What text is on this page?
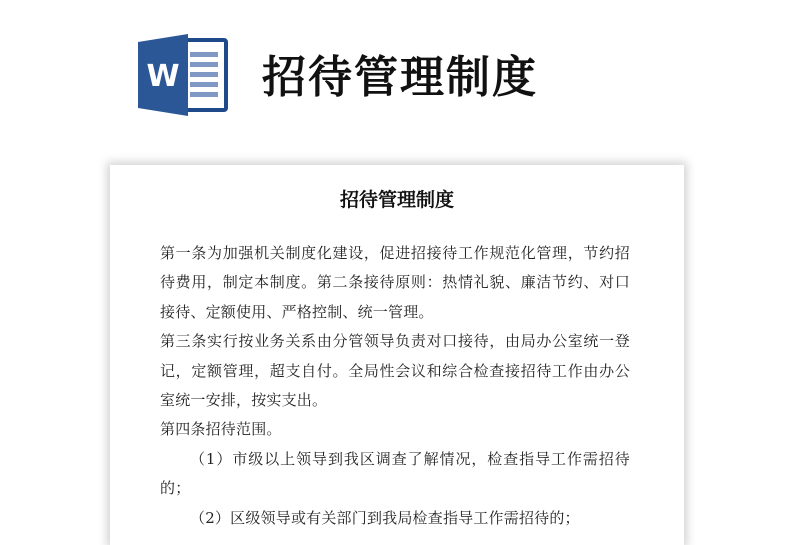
W 招待管理制度
招待管理制度

第一条为加强机关制度化建设，促进招接待工作规范化管理，节约招待费用，制定本制度。第二条接待原则：热情礼貌、廉洁节约、对口接待、定额使用、严格控制、统一管理。

第三条实行按业务关系由分管领导负责对口接待，由局办公室统一登记，定额管理，超支自付。全局性会议和综合检查接招待工作由办公室统一安排，按实支出。

第四条招待范围。

（1）市级以上领导到我区调查了解情况，检查指导工作需招待的；

（2）区级领导或有关部门到我局检查指导工作需招待的；
